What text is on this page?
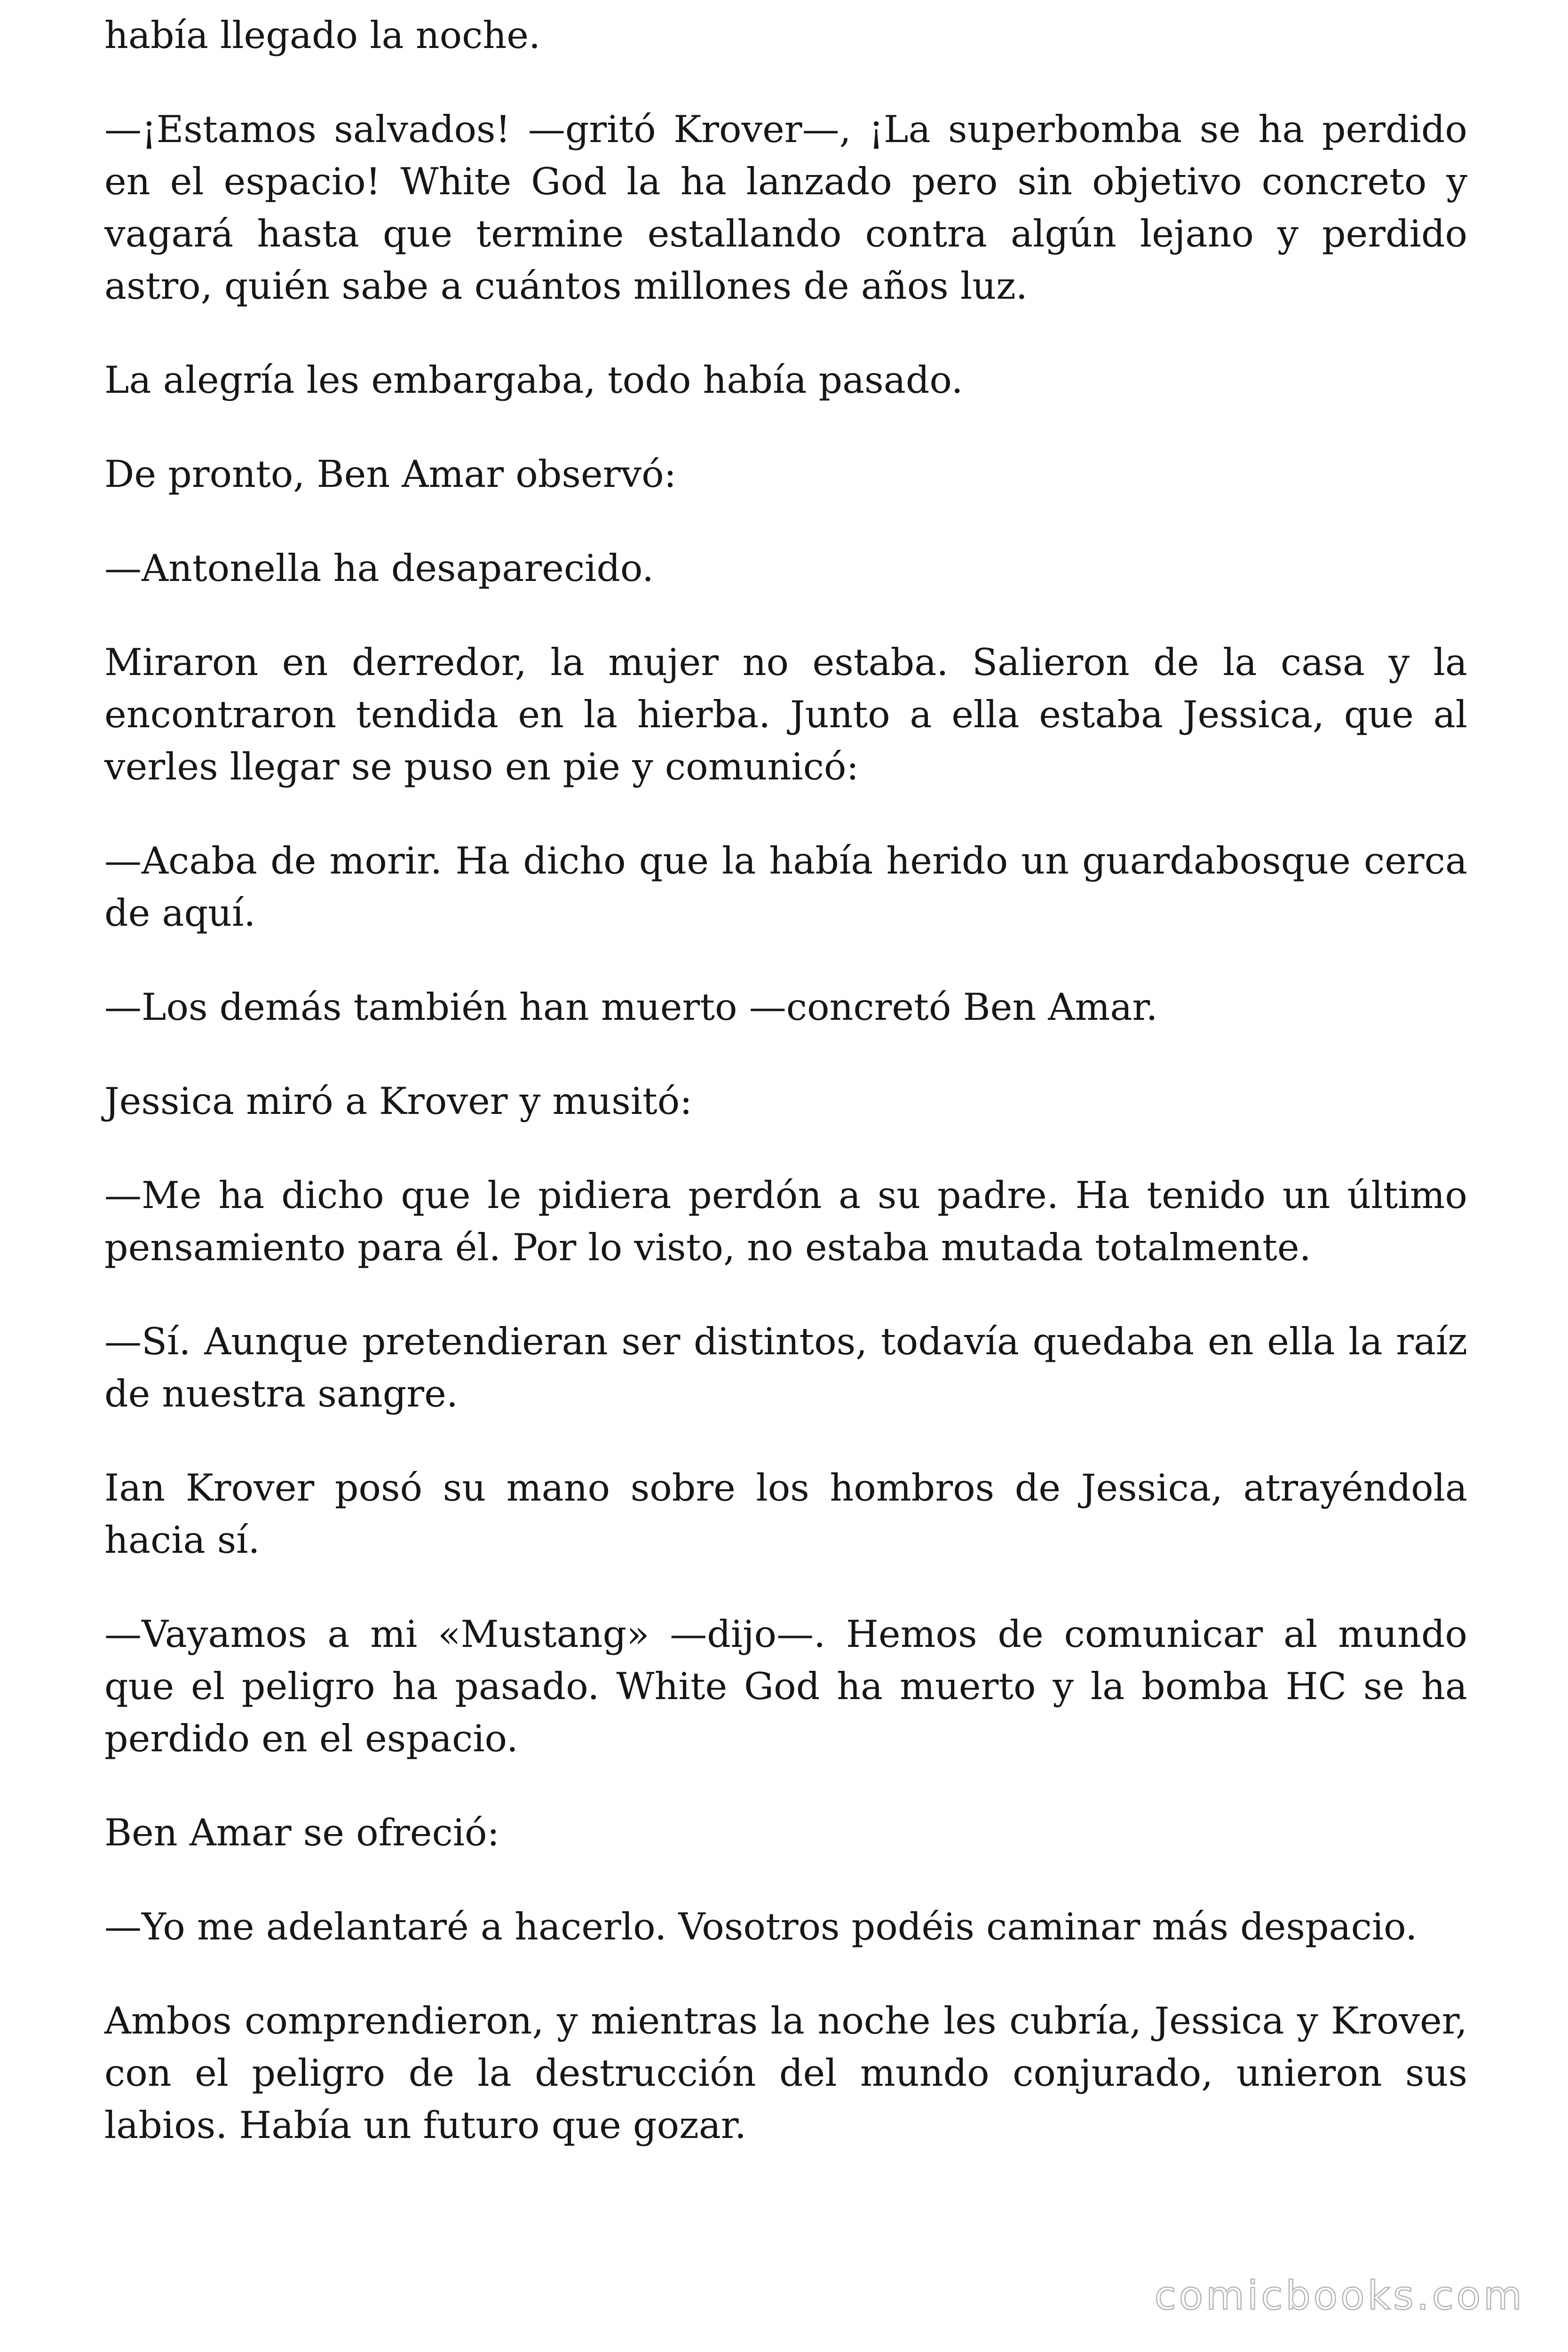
había llegado la noche.

—¡Estamos salvados! —gritó Krover—, ¡La superbomba se ha perdido en el espacio! White God la ha lanzado pero sin objetivo concreto y vagará hasta que termine estallando contra algún lejano y perdido astro, quién sabe a cuántos millones de años luz.

La alegría les embargaba, todo había pasado.

De pronto, Ben Amar observó:

—Antonella ha desaparecido.

Miraron en derredor, la mujer no estaba. Salieron de la casa y la encontraron tendida en la hierba. Junto a ella estaba Jessica, que al verles llegar se puso en pie y comunicó:

—Acaba de morir. Ha dicho que la había herido un guardabosque cerca de aquí.

—Los demás también han muerto —concretó Ben Amar.

Jessica miró a Krover y musitó:

—Me ha dicho que le pidiera perdón a su padre. Ha tenido un último pensamiento para él. Por lo visto, no estaba mutada totalmente.

—Sí. Aunque pretendieran ser distintos, todavía quedaba en ella la raíz de nuestra sangre.

Ian Krover posó su mano sobre los hombros de Jessica, atrayéndola hacia sí.

—Vayamos a mi «Mustang» —dijo—. Hemos de comunicar al mundo que el peligro ha pasado. White God ha muerto y la bomba HC se ha perdido en el espacio.

Ben Amar se ofreció:

—Yo me adelantaré a hacerlo. Vosotros podéis caminar más despacio.

Ambos comprendieron, y mientras la noche les cubría, Jessica y Krover, con el peligro de la destrucción del mundo conjurado, unieron sus labios. Había un futuro que gozar.

comicbooks.com
